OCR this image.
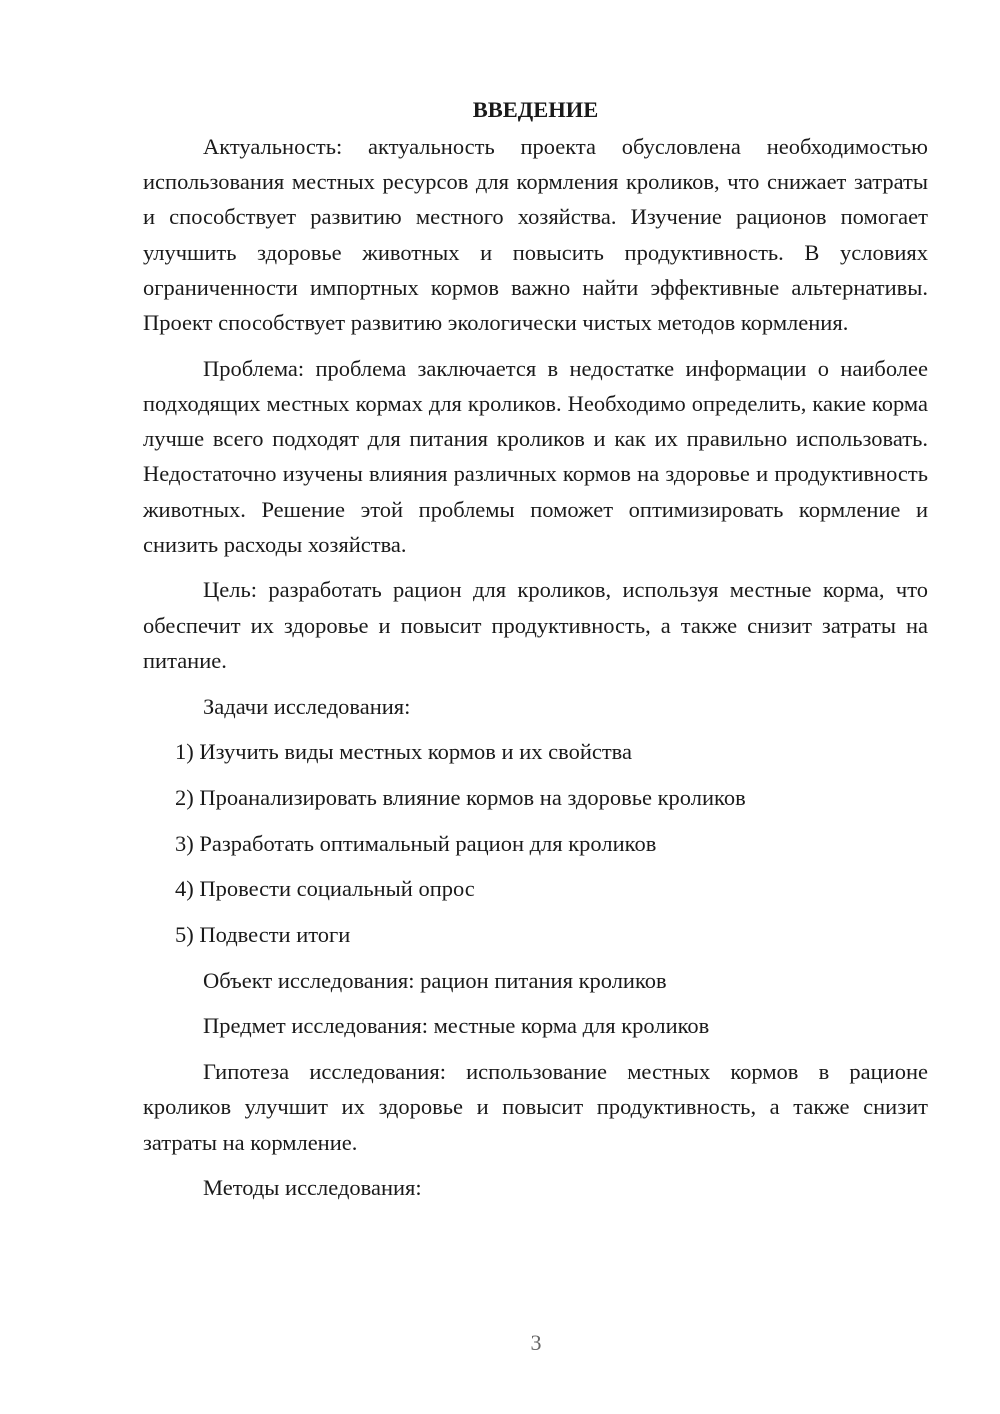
ВВЕДЕНИЕ

Актуальность: актуальность проекта обусловлена необходимостью использования местных ресурсов для кормления кроликов, что снижает затраты и способствует развитию местного хозяйства. Изучение рационов помогает улучшить здоровье животных и повысить продуктивность. В условиях ограниченности импортных кормов важно найти эффективные альтернативы. Проект способствует развитию экологически чистых методов кормления.

Проблема: проблема заключается в недостатке информации о наиболее подходящих местных кормах для кроликов. Необходимо определить, какие корма лучше всего подходят для питания кроликов и как их правильно использовать. Недостаточно изучены влияния различных кормов на здоровье и продуктивность животных. Решение этой проблемы поможет оптимизировать кормление и снизить расходы хозяйства.

Цель: разработать рацион для кроликов, используя местные корма, что обеспечит их здоровье и повысит продуктивность, а также снизит затраты на питание.

Задачи исследования:
1) Изучить виды местных кормов и их свойства
2) Проанализировать влияние кормов на здоровье кроликов
3) Разработать оптимальный рацион для кроликов
4) Провести социальный опрос
5) Подвести итоги
Объект исследования: рацион питания кроликов
Предмет исследования: местные корма для кроликов

Гипотеза исследования: использование местных кормов в рационе кроликов улучшит их здоровье и повысит продуктивность, а также снизит затраты на кормление.

Методы исследования:
3
